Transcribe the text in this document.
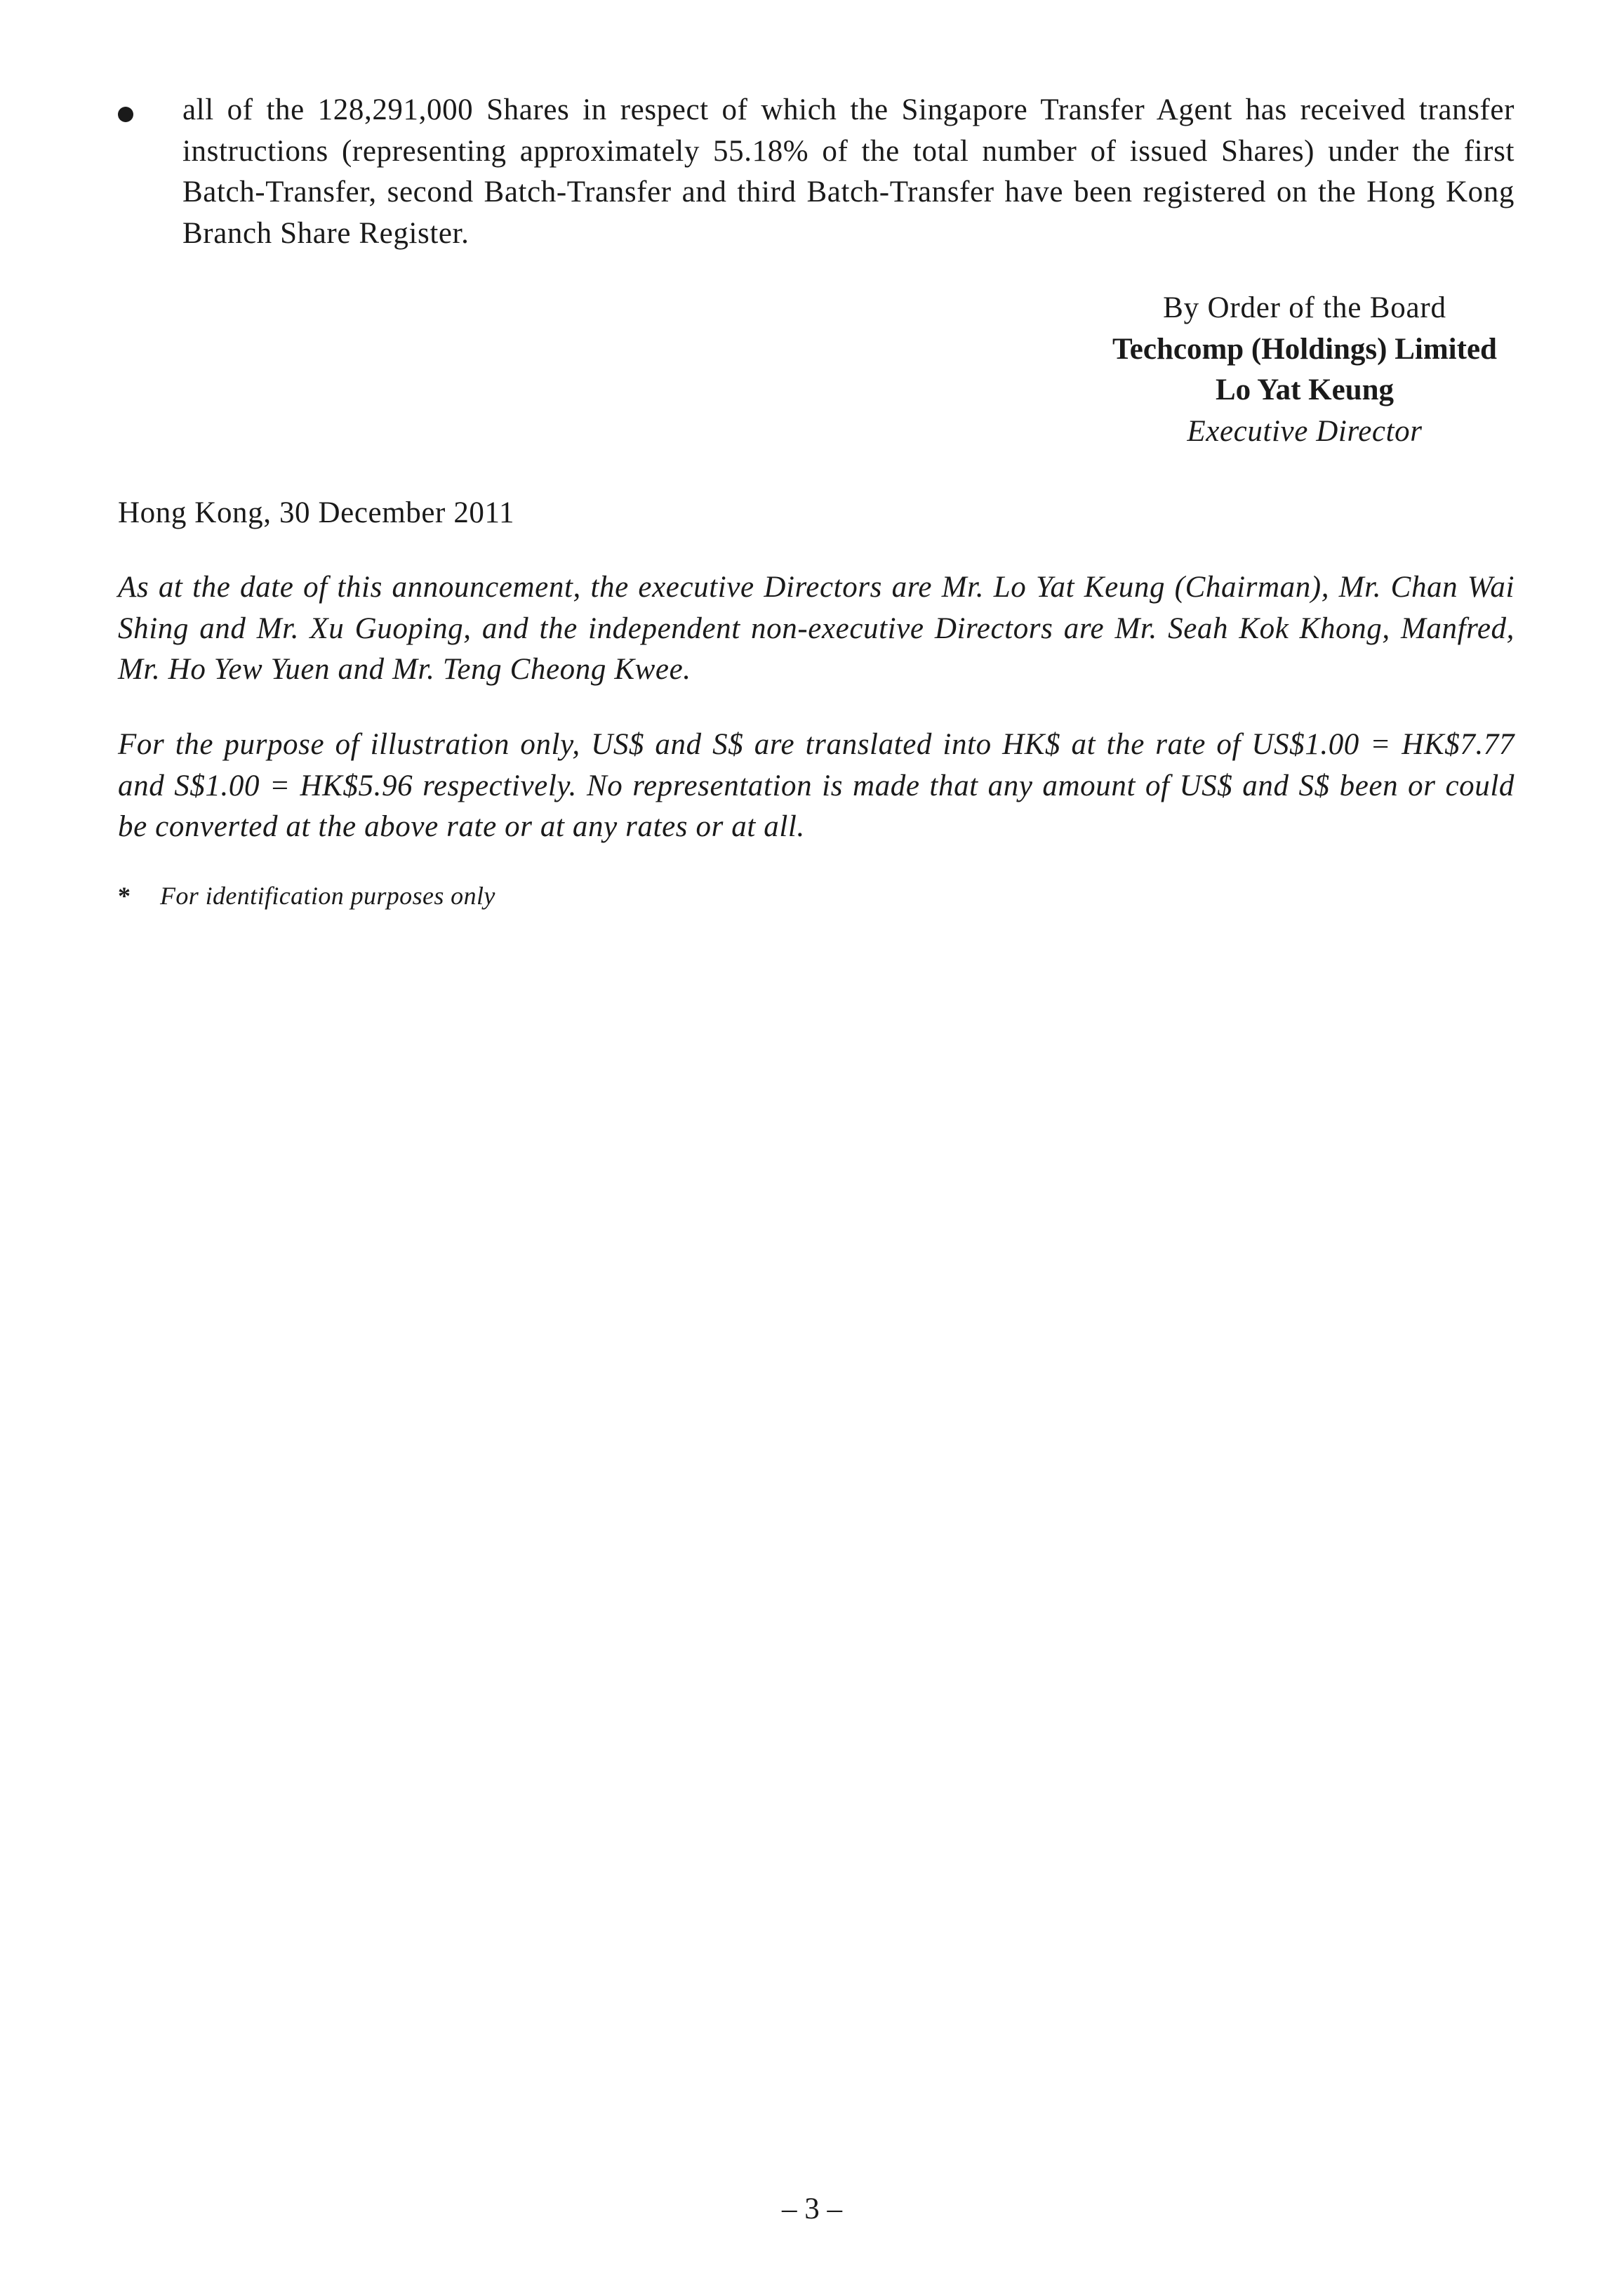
all of the 128,291,000 Shares in respect of which the Singapore Transfer Agent has received transfer instructions (representing approximately 55.18% of the total number of issued Shares) under the first Batch-Transfer, second Batch-Transfer and third Batch-Transfer have been registered on the Hong Kong Branch Share Register.
By Order of the Board
Techcomp (Holdings) Limited
Lo Yat Keung
Executive Director
Hong Kong, 30 December 2011
As at the date of this announcement, the executive Directors are Mr. Lo Yat Keung (Chairman), Mr. Chan Wai Shing and Mr. Xu Guoping, and the independent non-executive Directors are Mr. Seah Kok Khong, Manfred, Mr. Ho Yew Yuen and Mr. Teng Cheong Kwee.
For the purpose of illustration only, US$ and S$ are translated into HK$ at the rate of US$1.00 = HK$7.77 and S$1.00 = HK$5.96 respectively. No representation is made that any amount of US$ and S$ been or could be converted at the above rate or at any rates or at all.
* For identification purposes only
– 3 –
